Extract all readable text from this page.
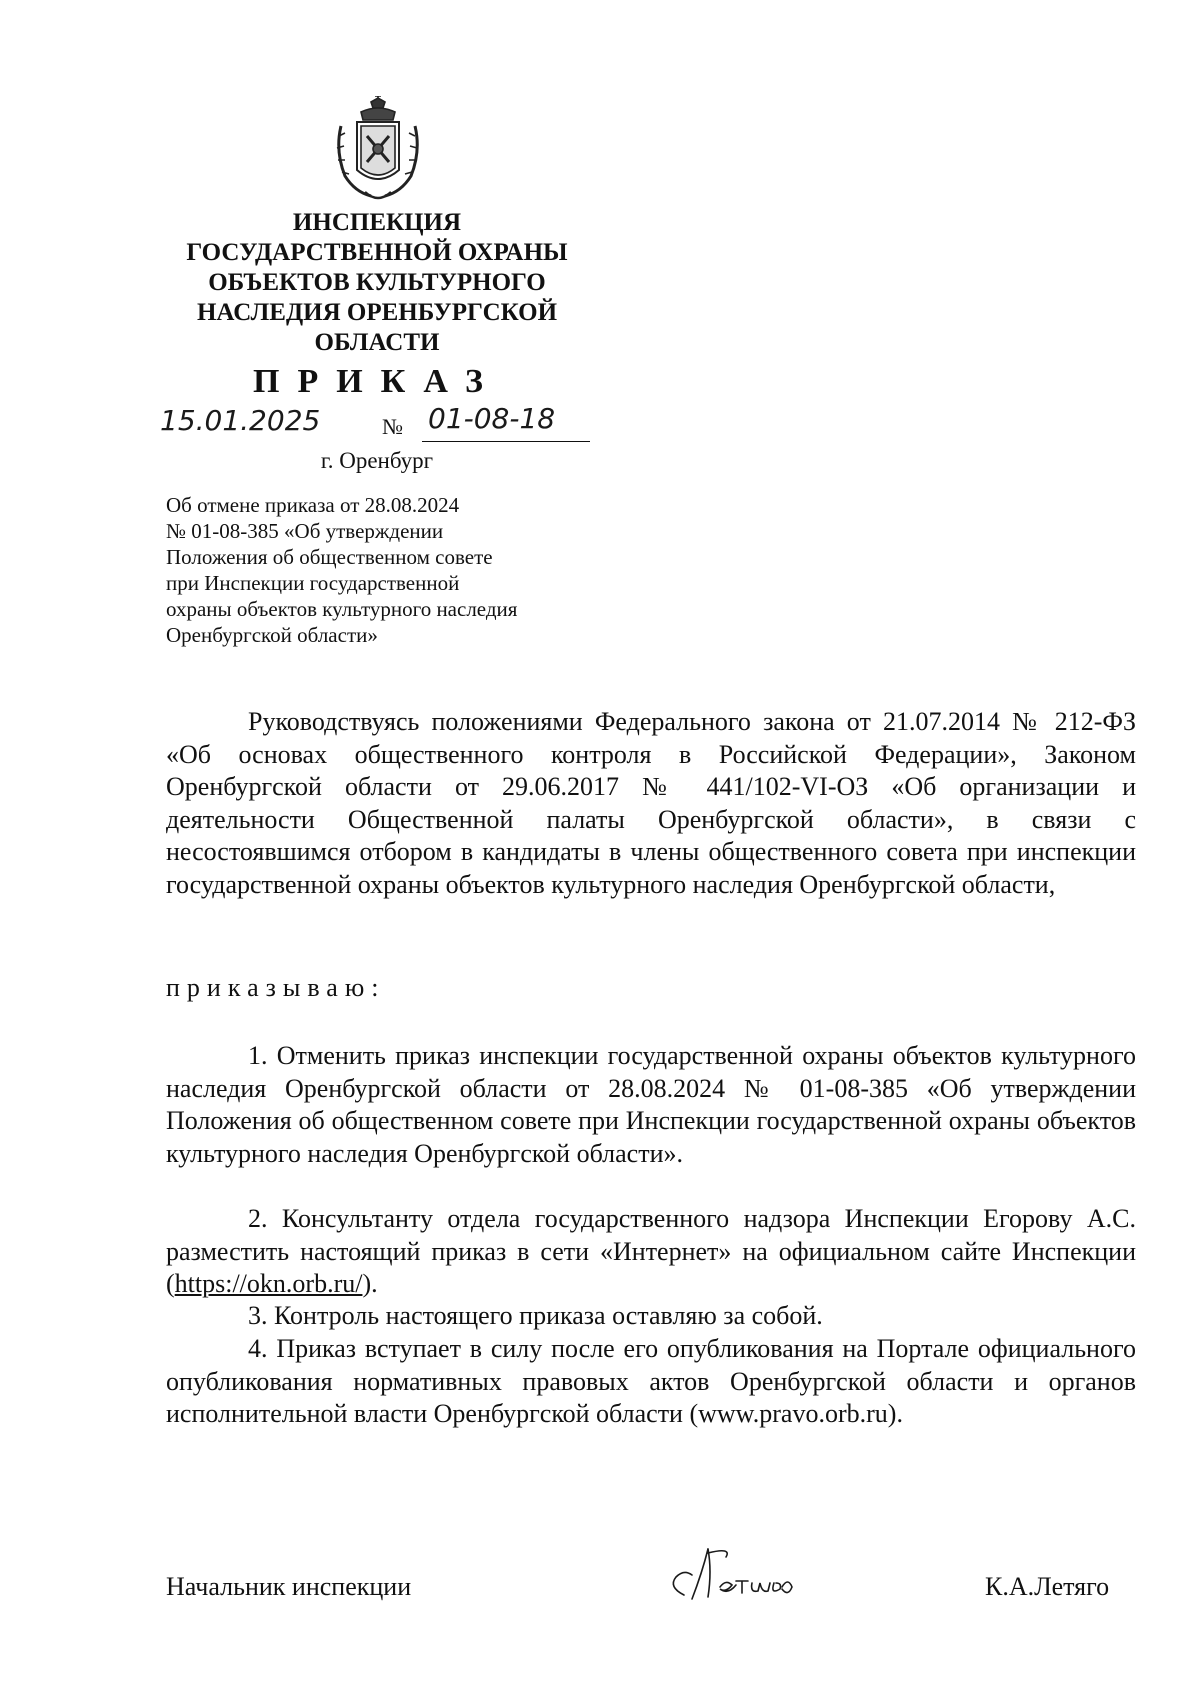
ИНСПЕКЦИЯ
ГОСУДАРСТВЕННОЙ ОХРАНЫ
ОБЪЕКТОВ КУЛЬТУРНОГО
НАСЛЕДИЯ ОРЕНБУРГСКОЙ
ОБЛАСТИ
ПРИКАЗ
15.01.2025	№ 01-08-18
г. Оренбург
Об отмене приказа от 28.08.2024
№ 01-08-385 «Об утверждении
Положения об общественном совете
при Инспекции государственной
охраны объектов культурного наследия
Оренбургской области»
Руководствуясь положениями Федерального закона от 21.07.2014 № 212-ФЗ «Об основах общественного контроля в Российской Федерации», Законом Оренбургской области от 29.06.2017 № 441/102-VI-ОЗ «Об организации и деятельности Общественной палаты Оренбургской области», в связи с несостоявшимся отбором в кандидаты в члены общественного совета при инспекции государственной охраны объектов культурного наследия Оренбургской области,
приказываю:
1. Отменить приказ инспекции государственной охраны объектов культурного наследия Оренбургской области от 28.08.2024 № 01-08-385 «Об утверждении Положения об общественном совете при Инспекции государственной охраны объектов культурного наследия Оренбургской области».
2. Консультанту отдела государственного надзора Инспекции Егорову А.С. разместить настоящий приказ в сети «Интернет» на официальном сайте Инспекции (https://okn.orb.ru/).
3. Контроль настоящего приказа оставляю за собой.
4. Приказ вступает в силу после его опубликования на Портале официального опубликования нормативных правовых актов Оренбургской области и органов исполнительной власти Оренбургской области (www.pravo.orb.ru).
Начальник инспекции	К.А.Летяго
